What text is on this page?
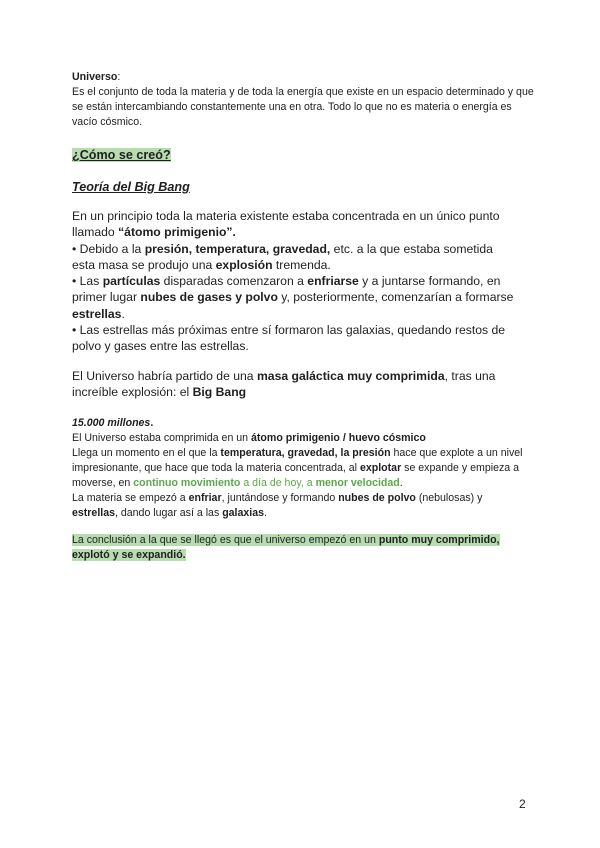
Universo:

Es el conjunto de toda la materia y de toda la energía que existe en un espacio determinado y que se están intercambiando constantemente una en otra. Todo lo que no es materia o energía es vacío cósmico.

¿Cómo se creó?
Teoría del Big Bang

En un principio toda la materia existente estaba concentrada en un único punto llamado “átomo primigenio”.

• Debido a la presión, temperatura, gravedad, etc. a la que estaba sometida esta masa se produjo una explosión tremenda.

• Las partículas disparadas comenzaron a enfriarse y a juntarse formando, en primer lugar nubes de gases y polvo y, posteriormente, comenzarían a formarse estrellas.

• Las estrellas más próximas entre sí formaron las galaxias, quedando restos de polvo y gases entre las estrellas.

El Universo habría partido de una masa galáctica muy comprimida, tras una increíble explosión: el Big Bang

15.000 millones.

El Universo estaba comprimida en un átomo primigenio / huevo cósmico

Llega un momento en el que la temperatura, gravedad, la presión hace que explote a un nivel impresionante, que hace que toda la materia concentrada, al explotar se expande y empieza a moverse, en continuo movimiento a día de hoy, a menor velocidad.

La materia se empezó a enfriar, juntándose y formando nubes de polvo (nebulosas) y estrellas, dando lugar así a las galaxias.

La conclusión a la que se llegó es que el universo empezó en un punto muy comprimido, explotó y se expandió.

2
